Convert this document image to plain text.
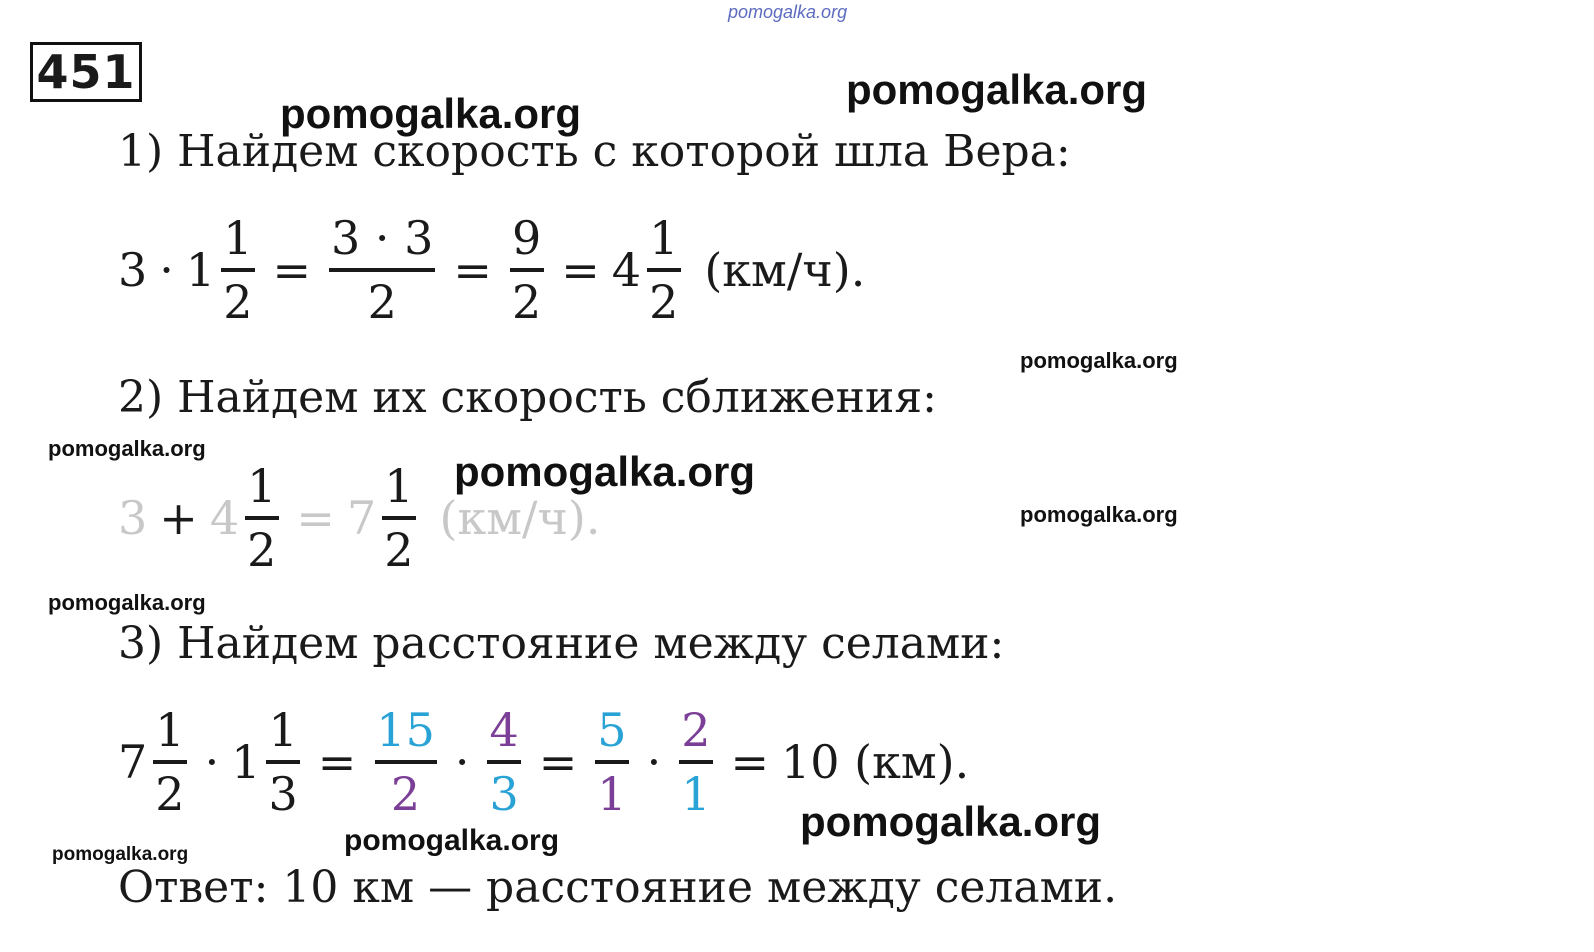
pomogalka.org
451	pomogalka.org
pomogalka.org
1) Найдем скорость с которой шла Вера:
$3 \cdot 1 \frac{1}{2} = \frac{3 \cdot 3}{2} = \frac{9}{2} = 4 \frac{1}{2} (км/ч)$.
pomogalka.org
2) Найдем их скорость сближения:
pomogalka.org
$3 + 4 \frac{1}{2} = 7 \frac{1}{2} (км/ч)$.
pomogalka.org
pomogalka.org
pomogalka.org
3) Найдем расстояние между селами:
$7 \frac{1}{2} \cdot 1 \frac{1}{3} = \frac{15}{2} \cdot \frac{4}{3} = \frac{5}{1} \cdot \frac{2}{1} = 10$ (км).
pomogalka.org
pomogalka.org
pomogalka.org
Ответ: 10 км — расстояние между селами.
